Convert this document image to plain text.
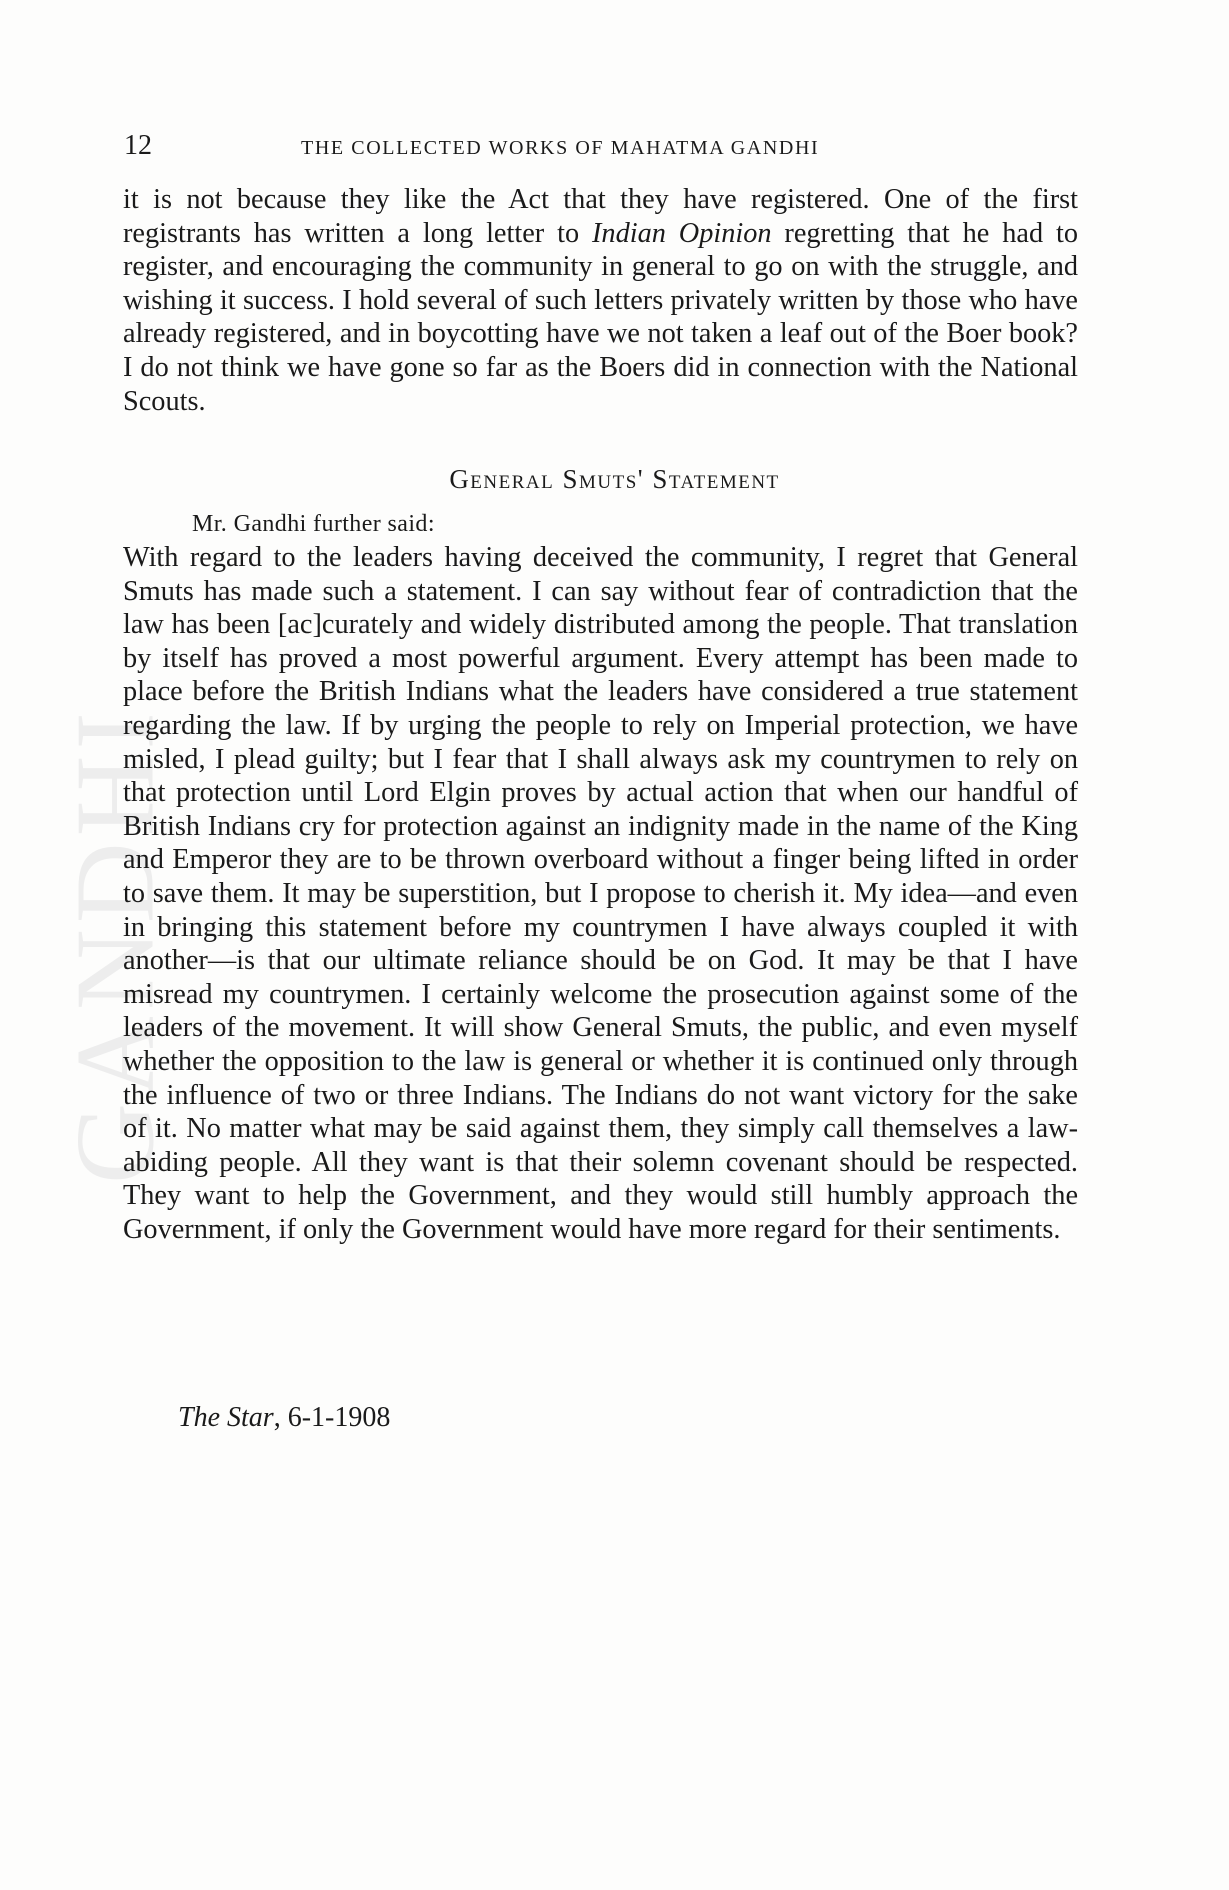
GANDHI
12	THE COLLECTED WORKS OF MAHATMA GANDHI

it is not because they like the Act that they have registered. One of the first registrants has written a long letter to Indian Opinion regretting that he had to register, and encouraging the community in general to go on with the struggle, and wishing it success. I hold several of such letters privately written by those who have already registered, and in boycotting have we not taken a leaf out of the Boer book? I do not think we have gone so far as the Boers did in connection with the National Scouts.

General Smuts' Statement
Mr. Gandhi further said:

With regard to the leaders having deceived the community, I regret that General Smuts has made such a statement. I can say without fear of contradiction that the law has been [ac]curately and widely distributed among the people. That translation by itself has proved a most powerful argument. Every attempt has been made to place before the British Indians what the leaders have considered a true statement regarding the law. If by urging the people to rely on Imperial protection, we have misled, I plead guilty; but I fear that I shall always ask my countrymen to rely on that protection until Lord Elgin proves by actual action that when our handful of British Indians cry for protection against an indignity made in the name of the King and Emperor they are to be thrown overboard without a finger being lifted in order to save them. It may be superstition, but I propose to cherish it. My idea—and even in bringing this statement before my countrymen I have always coupled it with another—is that our ultimate reliance should be on God. It may be that I have misread my countrymen. I certainly welcome the prosecution against some of the leaders of the movement. It will show General Smuts, the public, and even myself whether the opposition to the law is general or whether it is continued only through the influence of two or three Indians. The Indians do not want victory for the sake of it. No matter what may be said against them, they simply call themselves a law-abiding people. All they want is that their solemn covenant should be respected. They want to help the Government, and they would still humbly approach the Government, if only the Government would have more regard for their sentiments.

The Star, 6-1-1908
